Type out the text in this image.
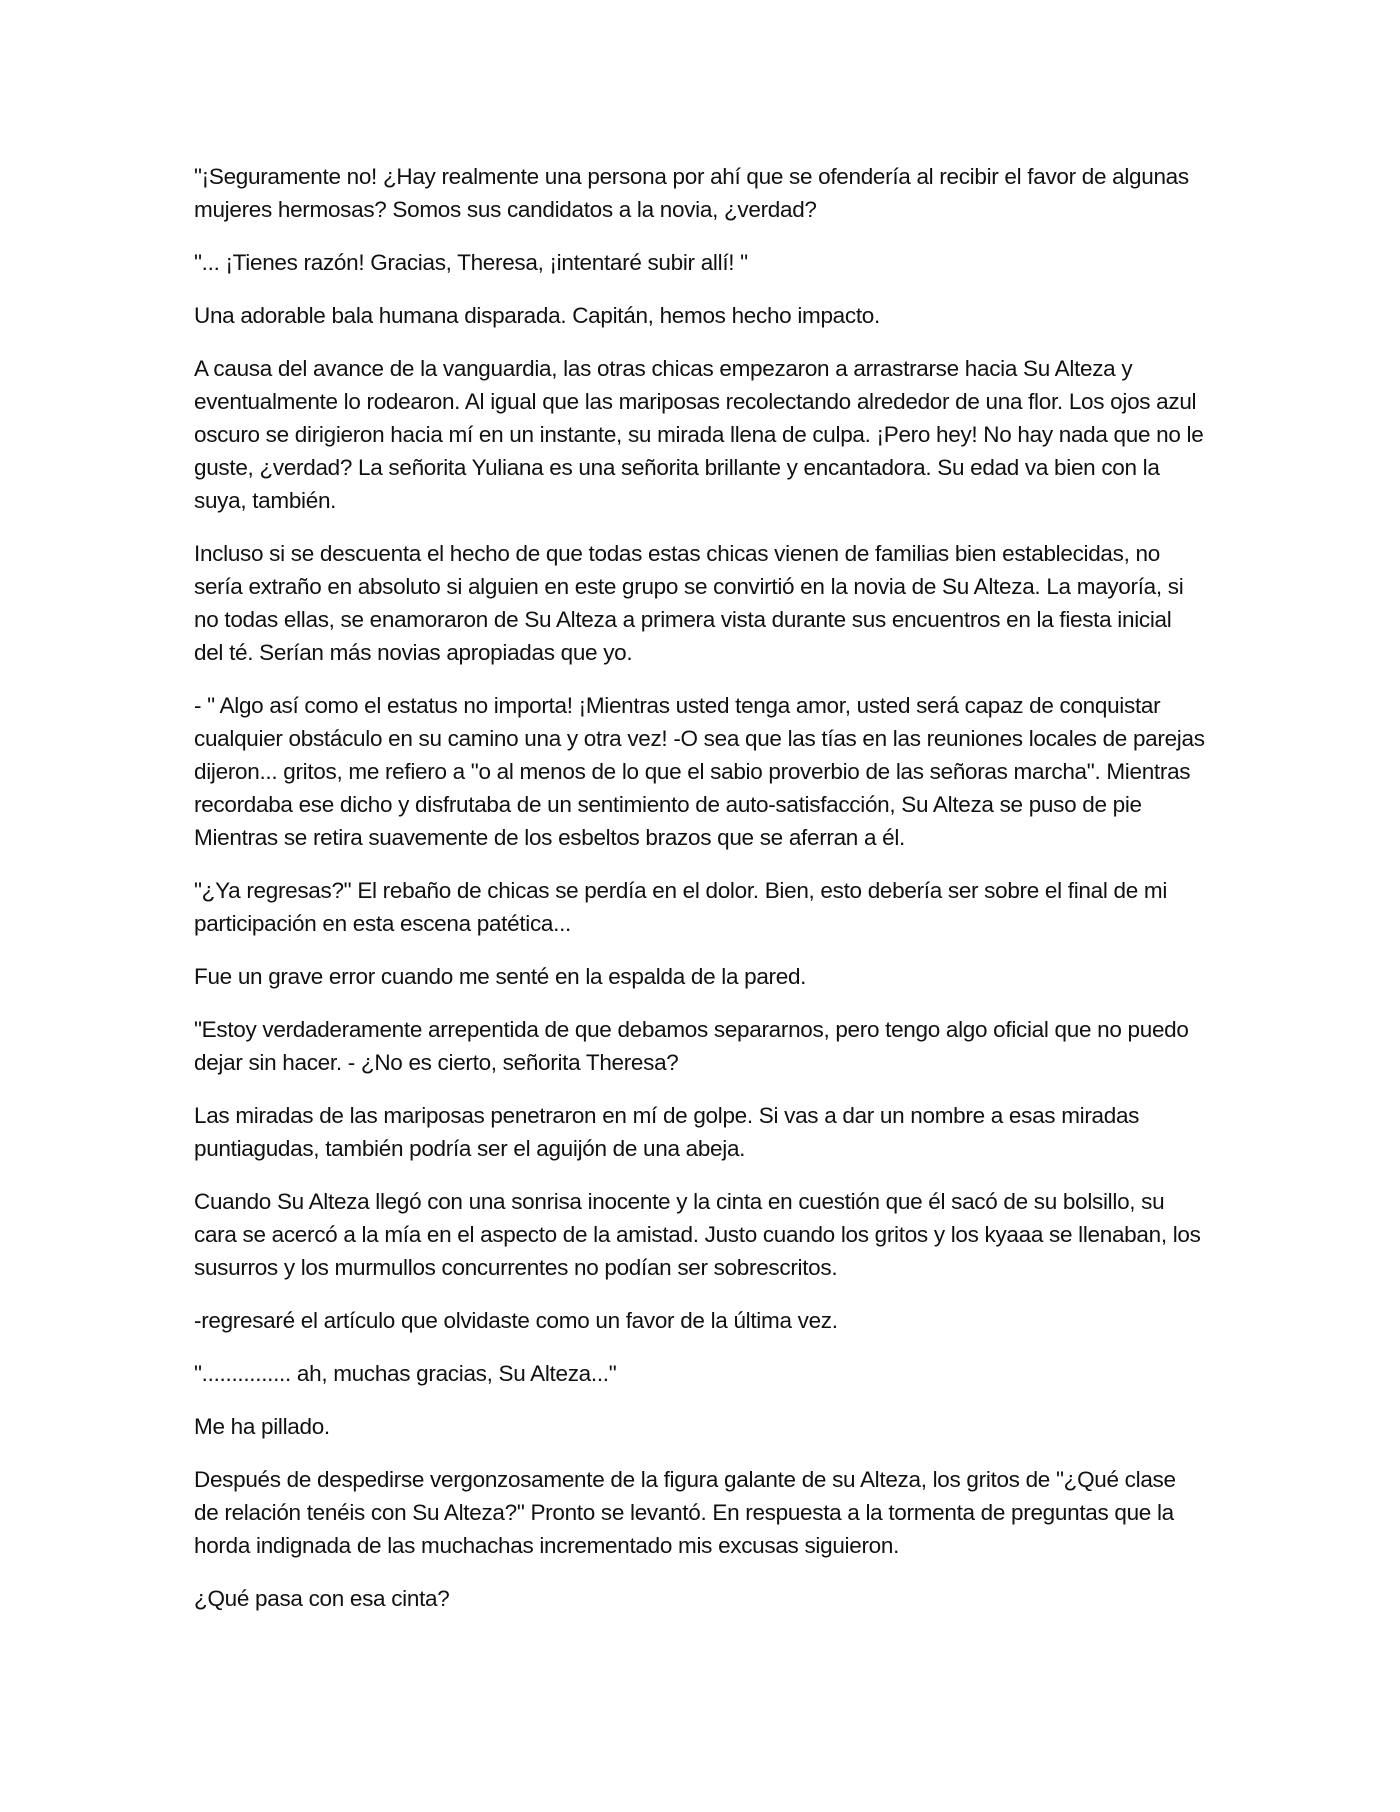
"¡Seguramente no! ¿Hay realmente una persona por ahí que se ofendería al recibir el favor de algunas mujeres hermosas? Somos sus candidatos a la novia, ¿verdad?

"... ¡Tienes razón! Gracias, Theresa, ¡intentaré subir allí! "

Una adorable bala humana disparada. Capitán, hemos hecho impacto.

A causa del avance de la vanguardia, las otras chicas empezaron a arrastrarse hacia Su Alteza y eventualmente lo rodearon. Al igual que las mariposas recolectando alrededor de una flor. Los ojos azul oscuro se dirigieron hacia mí en un instante, su mirada llena de culpa. ¡Pero hey! No hay nada que no le guste, ¿verdad? La señorita Yuliana es una señorita brillante y encantadora. Su edad va bien con la suya, también.

Incluso si se descuenta el hecho de que todas estas chicas vienen de familias bien establecidas, no sería extraño en absoluto si alguien en este grupo se convirtió en la novia de Su Alteza. La mayoría, si no todas ellas, se enamoraron de Su Alteza a primera vista durante sus encuentros en la fiesta inicial del té. Serían más novias apropiadas que yo.

- " Algo así como el estatus no importa! ¡Mientras usted tenga amor, usted será capaz de conquistar cualquier obstáculo en su camino una y otra vez! -O sea que las tías en las reuniones locales de parejas dijeron... gritos, me refiero a "o al menos de lo que el sabio proverbio de las señoras marcha". Mientras recordaba ese dicho y disfrutaba de un sentimiento de auto-satisfacción, Su Alteza se puso de pie Mientras se retira suavemente de los esbeltos brazos que se aferran a él.

"¿Ya regresas?" El rebaño de chicas se perdía en el dolor. Bien, esto debería ser sobre el final de mi participación en esta escena patética...

Fue un grave error cuando me senté en la espalda de la pared.

"Estoy verdaderamente arrepentida de que debamos separarnos, pero tengo algo oficial que no puedo dejar sin hacer. - ¿No es cierto, señorita Theresa?

Las miradas de las mariposas penetraron en mí de golpe. Si vas a dar un nombre a esas miradas puntiagudas, también podría ser el aguijón de una abeja.

Cuando Su Alteza llegó con una sonrisa inocente y la cinta en cuestión que él sacó de su bolsillo, su cara se acercó a la mía en el aspecto de la amistad. Justo cuando los gritos y los kyaaa se llenaban, los susurros y los murmullos concurrentes no podían ser sobrescritos.

-regresaré el artículo que olvidaste como un favor de la última vez.

"............... ah, muchas gracias, Su Alteza..."

Me ha pillado.

Después de despedirse vergonzosamente de la figura galante de su Alteza, los gritos de "¿Qué clase de relación tenéis con Su Alteza?" Pronto se levantó. En respuesta a la tormenta de preguntas que la horda indignada de las muchachas incrementado mis excusas siguieron.

¿Qué pasa con esa cinta?
